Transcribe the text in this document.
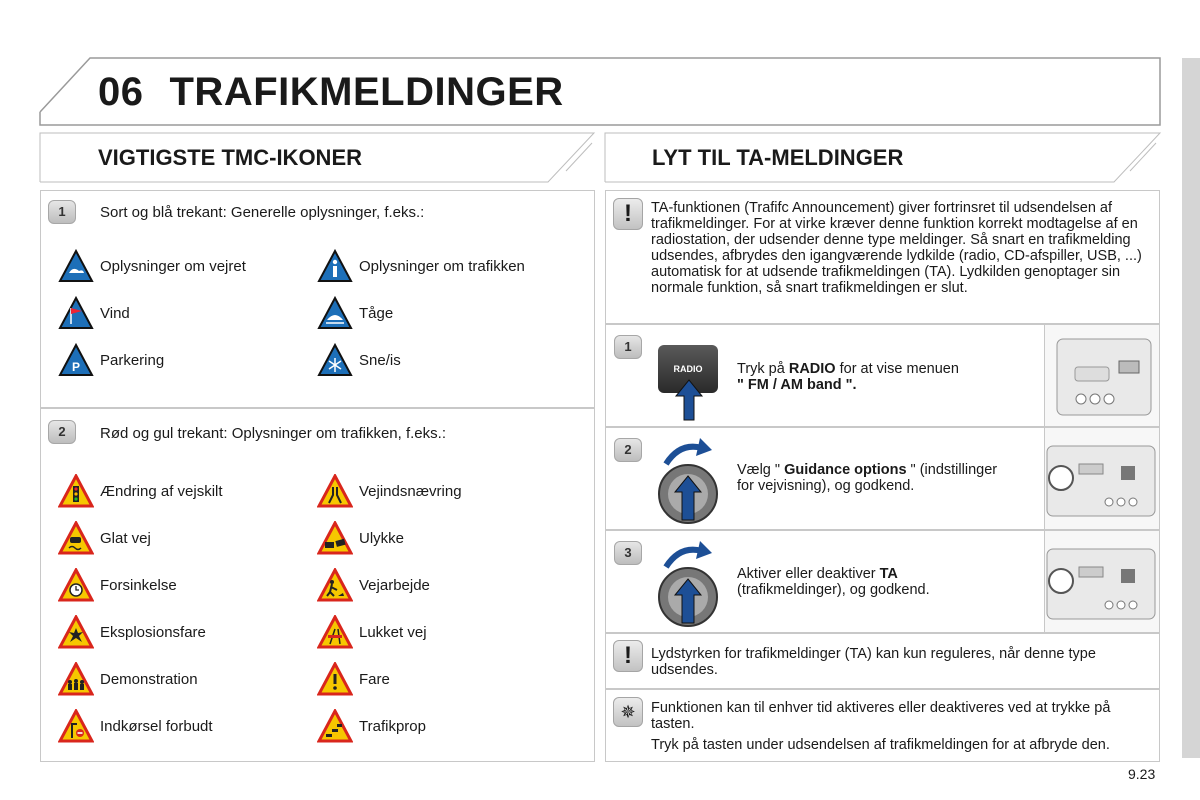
06 TRAFIKMELDINGER
VIGTIGSTE TMC-IKONER	LYT TIL TA-MELDINGER
1	Sort og blå trekant: Generelle oplysninger, f.eks.:
Oplysninger om vejret	Oplysninger om trafikken
Vind	Tåge
P Parkering	Sne/is
2	Rød og gul trekant: Oplysninger om trafikken, f.eks.:
Ændring af vejskilt	Vejindsnævring
Glat vej	Ulykke
Forsinkelse	Vejarbejde
Eksplosionsfare	Lukket vej
Demonstration	Fare
Indkørsel forbudt	Trafikprop
!	TA-funktionen (Trafifc Announcement) giver fortrinsret til udsendelsen af trafikmeldinger. For at virke kræver denne funktion korrekt modtagelse af en radiostation, der udsender denne type meldinger. Så snart en trafikmelding udsendes, afbrydes den igangværende lydkilde (radio, CD-afspiller, USB, ...) automatisk for at udsende trafikmeldingen (TA). Lydkilden genoptager sin normale funktion, så snart trafikmeldingen er slut.
1
RADIO	Tryk på RADIO for at vise menuen
" FM / AM band ".
2
Vælg " Guidance options " (indstillinger
for vejvisning), og godkend.
3
Aktiver eller deaktiver TA
(trafikmeldinger), og godkend.
!	Lydstyrken for trafikmeldinger (TA) kan kun reguleres, når denne type udsendes.
✵	Funktionen kan til enhver tid aktiveres eller deaktiveres ved at trykke på tasten.
Tryk på tasten under udsendelsen af trafikmeldingen for at afbryde den.
9.23
